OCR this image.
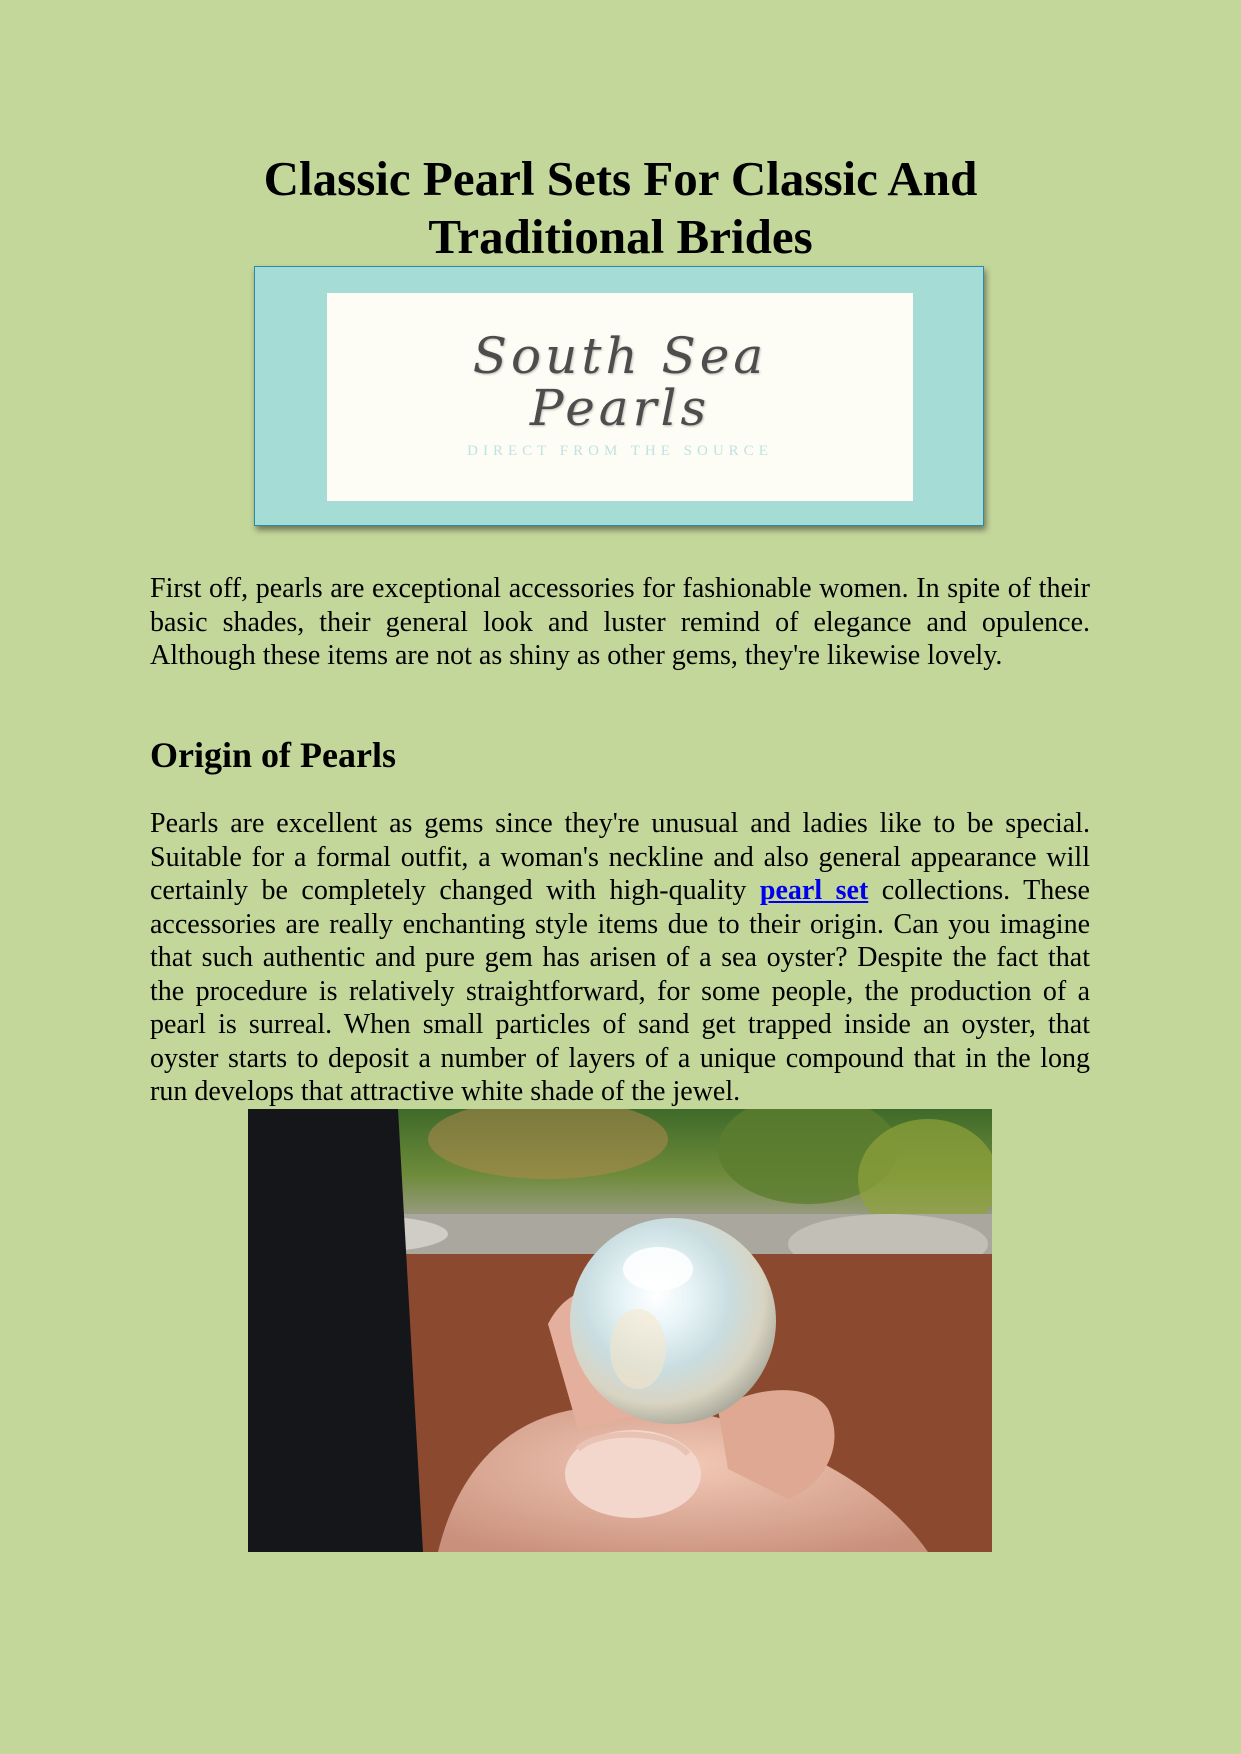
Classic Pearl Sets For Classic And Traditional Brides
South Sea
Pearls
DIRECT FROM THE SOURCE

First off, pearls are exceptional accessories for fashionable women. In spite of their basic shades, their general look and luster remind of elegance and opulence. Although these items are not as shiny as other gems, they're likewise lovely.

Origin of Pearls

Pearls are excellent as gems since they're unusual and ladies like to be special. Suitable for a formal outfit, a woman's neckline and also general appearance will certainly be completely changed with high-quality pearl set collections. These accessories are really enchanting style items due to their origin. Can you imagine that such authentic and pure gem has arisen of a sea oyster? Despite the fact that the procedure is relatively straightforward, for some people, the production of a pearl is surreal. When small particles of sand get trapped inside an oyster, that oyster starts to deposit a number of layers of a unique compound that in the long run develops that attractive white shade of the jewel.
